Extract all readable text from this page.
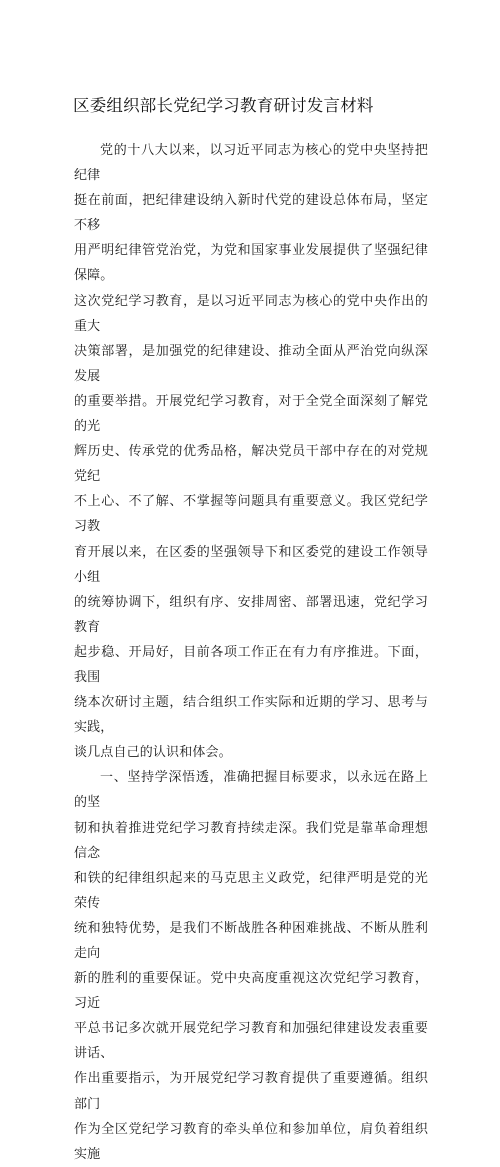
区委组织部长党纪学习教育研讨发言材料

党的十八大以来，以习近平同志为核心的党中央坚持把纪律
挺在前面，把纪律建设纳入新时代党的建设总体布局，坚定不移
用严明纪律管党治党，为党和国家事业发展提供了坚强纪律保障。
这次党纪学习教育，是以习近平同志为核心的党中央作出的重大
决策部署，是加强党的纪律建设、推动全面从严治党向纵深发展
的重要举措。开展党纪学习教育，对于全党全面深刻了解党的光
辉历史、传承党的优秀品格，解决党员干部中存在的对党规党纪
不上心、不了解、不掌握等问题具有重要意义。我区党纪学习教
育开展以来，在区委的坚强领导下和区委党的建设工作领导小组
的统筹协调下，组织有序、安排周密、部署迅速，党纪学习教育
起步稳、开局好，目前各项工作正在有力有序推进。下面，我围
绕本次研讨主题，结合组织工作实际和近期的学习、思考与实践，
谈几点自己的认识和体会。

一、坚持学深悟透，准确把握目标要求，以永远在路上的坚
韧和执着推进党纪学习教育持续走深。我们党是靠革命理想信念
和铁的纪律组织起来的马克思主义政党，纪律严明是党的光荣传
统和独特优势，是我们不断战胜各种困难挑战、不断从胜利走向
新的胜利的重要保证。党中央高度重视这次党纪学习教育，习近
平总书记多次就开展党纪学习教育和加强纪律建设发表重要讲话、
作出重要指示，为开展党纪学习教育提供了重要遵循。组织部门
作为全区党纪学习教育的牵头单位和参加单位，肩负着组织实施
